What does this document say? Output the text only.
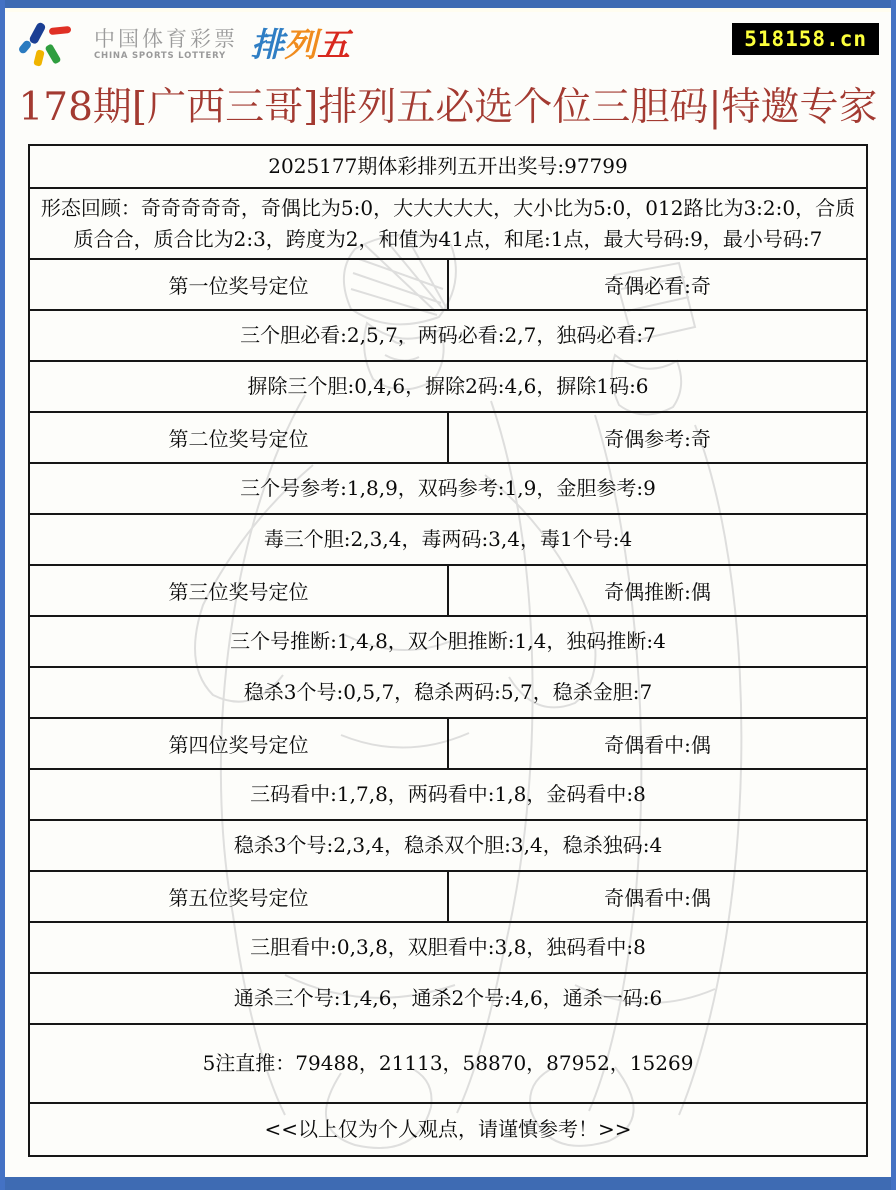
中国体育彩票
CHINA SPORTS LOTTERY 排 列 五	518158.cn
178期[广西三哥]排列五必选个位三胆码|特邀专家
2025177期体彩排列五开出奖号:97799
形态回顾：奇奇奇奇奇，奇偶比为5:0，大大大大大，大小比为5:0，012路比为3:2:0，合质质合合，质合比为2:3，跨度为2，和值为41点，和尾:1点，最大号码:9，最小号码:7
第一位奖号定位	奇偶必看:奇
三个胆必看:2,5,7，两码必看:2,7，独码必看:7
摒除三个胆:0,4,6，摒除2码:4,6，摒除1码:6
第二位奖号定位	奇偶参考:奇
三个号参考:1,8,9，双码参考:1,9，金胆参考:9
毒三个胆:2,3,4，毒两码:3,4，毒1个号:4
第三位奖号定位	奇偶推断:偶
三个号推断:1,4,8，双个胆推断:1,4，独码推断:4
稳杀3个号:0,5,7，稳杀两码:5,7，稳杀金胆:7
第四位奖号定位	奇偶看中:偶
三码看中:1,7,8，两码看中:1,8，金码看中:8
稳杀3个号:2,3,4，稳杀双个胆:3,4，稳杀独码:4
第五位奖号定位	奇偶看中:偶
三胆看中:0,3,8，双胆看中:3,8，独码看中:8
通杀三个号:1,4,6，通杀2个号:4,6，通杀一码:6
5注直推：79488，21113，58870，87952，15269
<<以上仅为个人观点，请谨慎参考！>>
